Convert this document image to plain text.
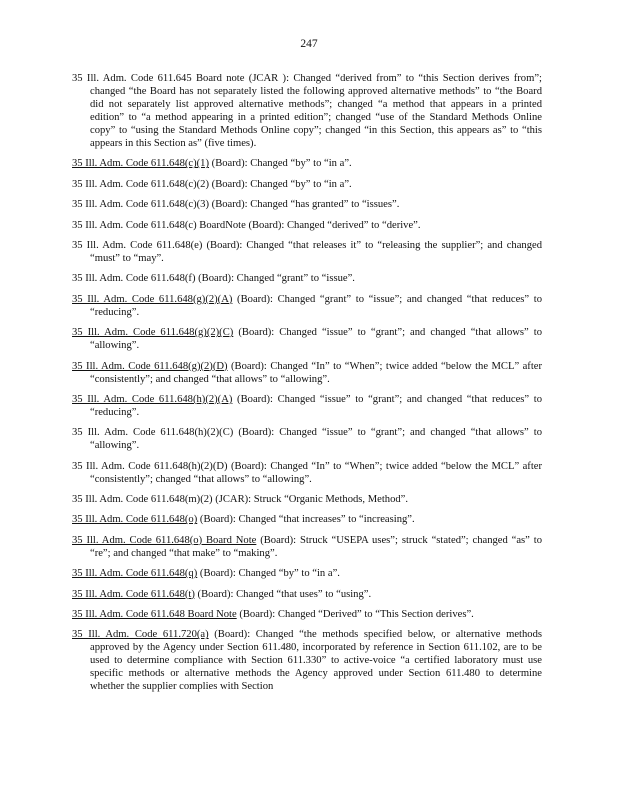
247

35 Ill. Adm. Code 611.645 Board note (JCAR ): Changed “derived from” to “this Section derives from”; changed “the Board has not separately listed the following approved alternative methods” to “the Board did not separately list approved alternative methods”; changed “a method that appears in a printed edition” to “a method appearing in a printed edition”; changed “use of the Standard Methods Online copy” to “using the Standard Methods Online copy”; changed “in this Section, this appears as” to “this appears in this Section as” (five times).

35 Ill. Adm. Code 611.648(c)(1) (Board): Changed “by” to “in a”.

35 Ill. Adm. Code 611.648(c)(2) (Board): Changed “by” to “in a”.

35 Ill. Adm. Code 611.648(c)(3) (Board): Changed “has granted” to “issues”.

35 Ill. Adm. Code 611.648(c) BoardNote (Board): Changed “derived” to “derive”.

35 Ill. Adm. Code 611.648(e) (Board): Changed “that releases it” to “releasing the supplier”; and changed “must” to “may”.

35 Ill. Adm. Code 611.648(f) (Board): Changed “grant” to “issue”.

35 Ill. Adm. Code 611.648(g)(2)(A) (Board): Changed “grant” to “issue”; and changed “that reduces” to “reducing”.

35 Ill. Adm. Code 611.648(g)(2)(C) (Board): Changed “issue” to “grant”; and changed “that allows” to “allowing”.

35 Ill. Adm. Code 611.648(g)(2)(D) (Board): Changed “In” to “When”; twice added “below the MCL” after “consistently”; and changed “that allows” to “allowing”.

35 Ill. Adm. Code 611.648(h)(2)(A) (Board): Changed “issue” to “grant”; and changed “that reduces” to “reducing”.

35 Ill. Adm. Code 611.648(h)(2)(C) (Board): Changed “issue” to “grant”; and changed “that allows” to “allowing”.

35 Ill. Adm. Code 611.648(h)(2)(D) (Board): Changed “In” to “When”; twice added “below the MCL” after “consistently”; changed “that allows” to “allowing”.

35 Ill. Adm. Code 611.648(m)(2) (JCAR): Struck “Organic Methods, Method”.

35 Ill. Adm. Code 611.648(o) (Board): Changed “that increases” to “increasing”.

35 Ill. Adm. Code 611.648(o) Board Note (Board): Struck “USEPA uses”; struck “stated”; changed “as” to “re”; and changed “that make” to “making”.

35 Ill. Adm. Code 611.648(q) (Board): Changed “by” to “in a”.

35 Ill. Adm. Code 611.648(t) (Board): Changed “that uses” to “using”.

35 Ill. Adm. Code 611.648 Board Note (Board): Changed “Derived” to “This Section derives”.

35 Ill. Adm. Code 611.720(a) (Board): Changed “the methods specified below, or alternative methods approved by the Agency under Section 611.480, incorporated by reference in Section 611.102, are to be used to determine compliance with Section 611.330” to active-voice “a certified laboratory must use specific methods or alternative methods the Agency approved under Section 611.480 to determine whether the supplier complies with Section
